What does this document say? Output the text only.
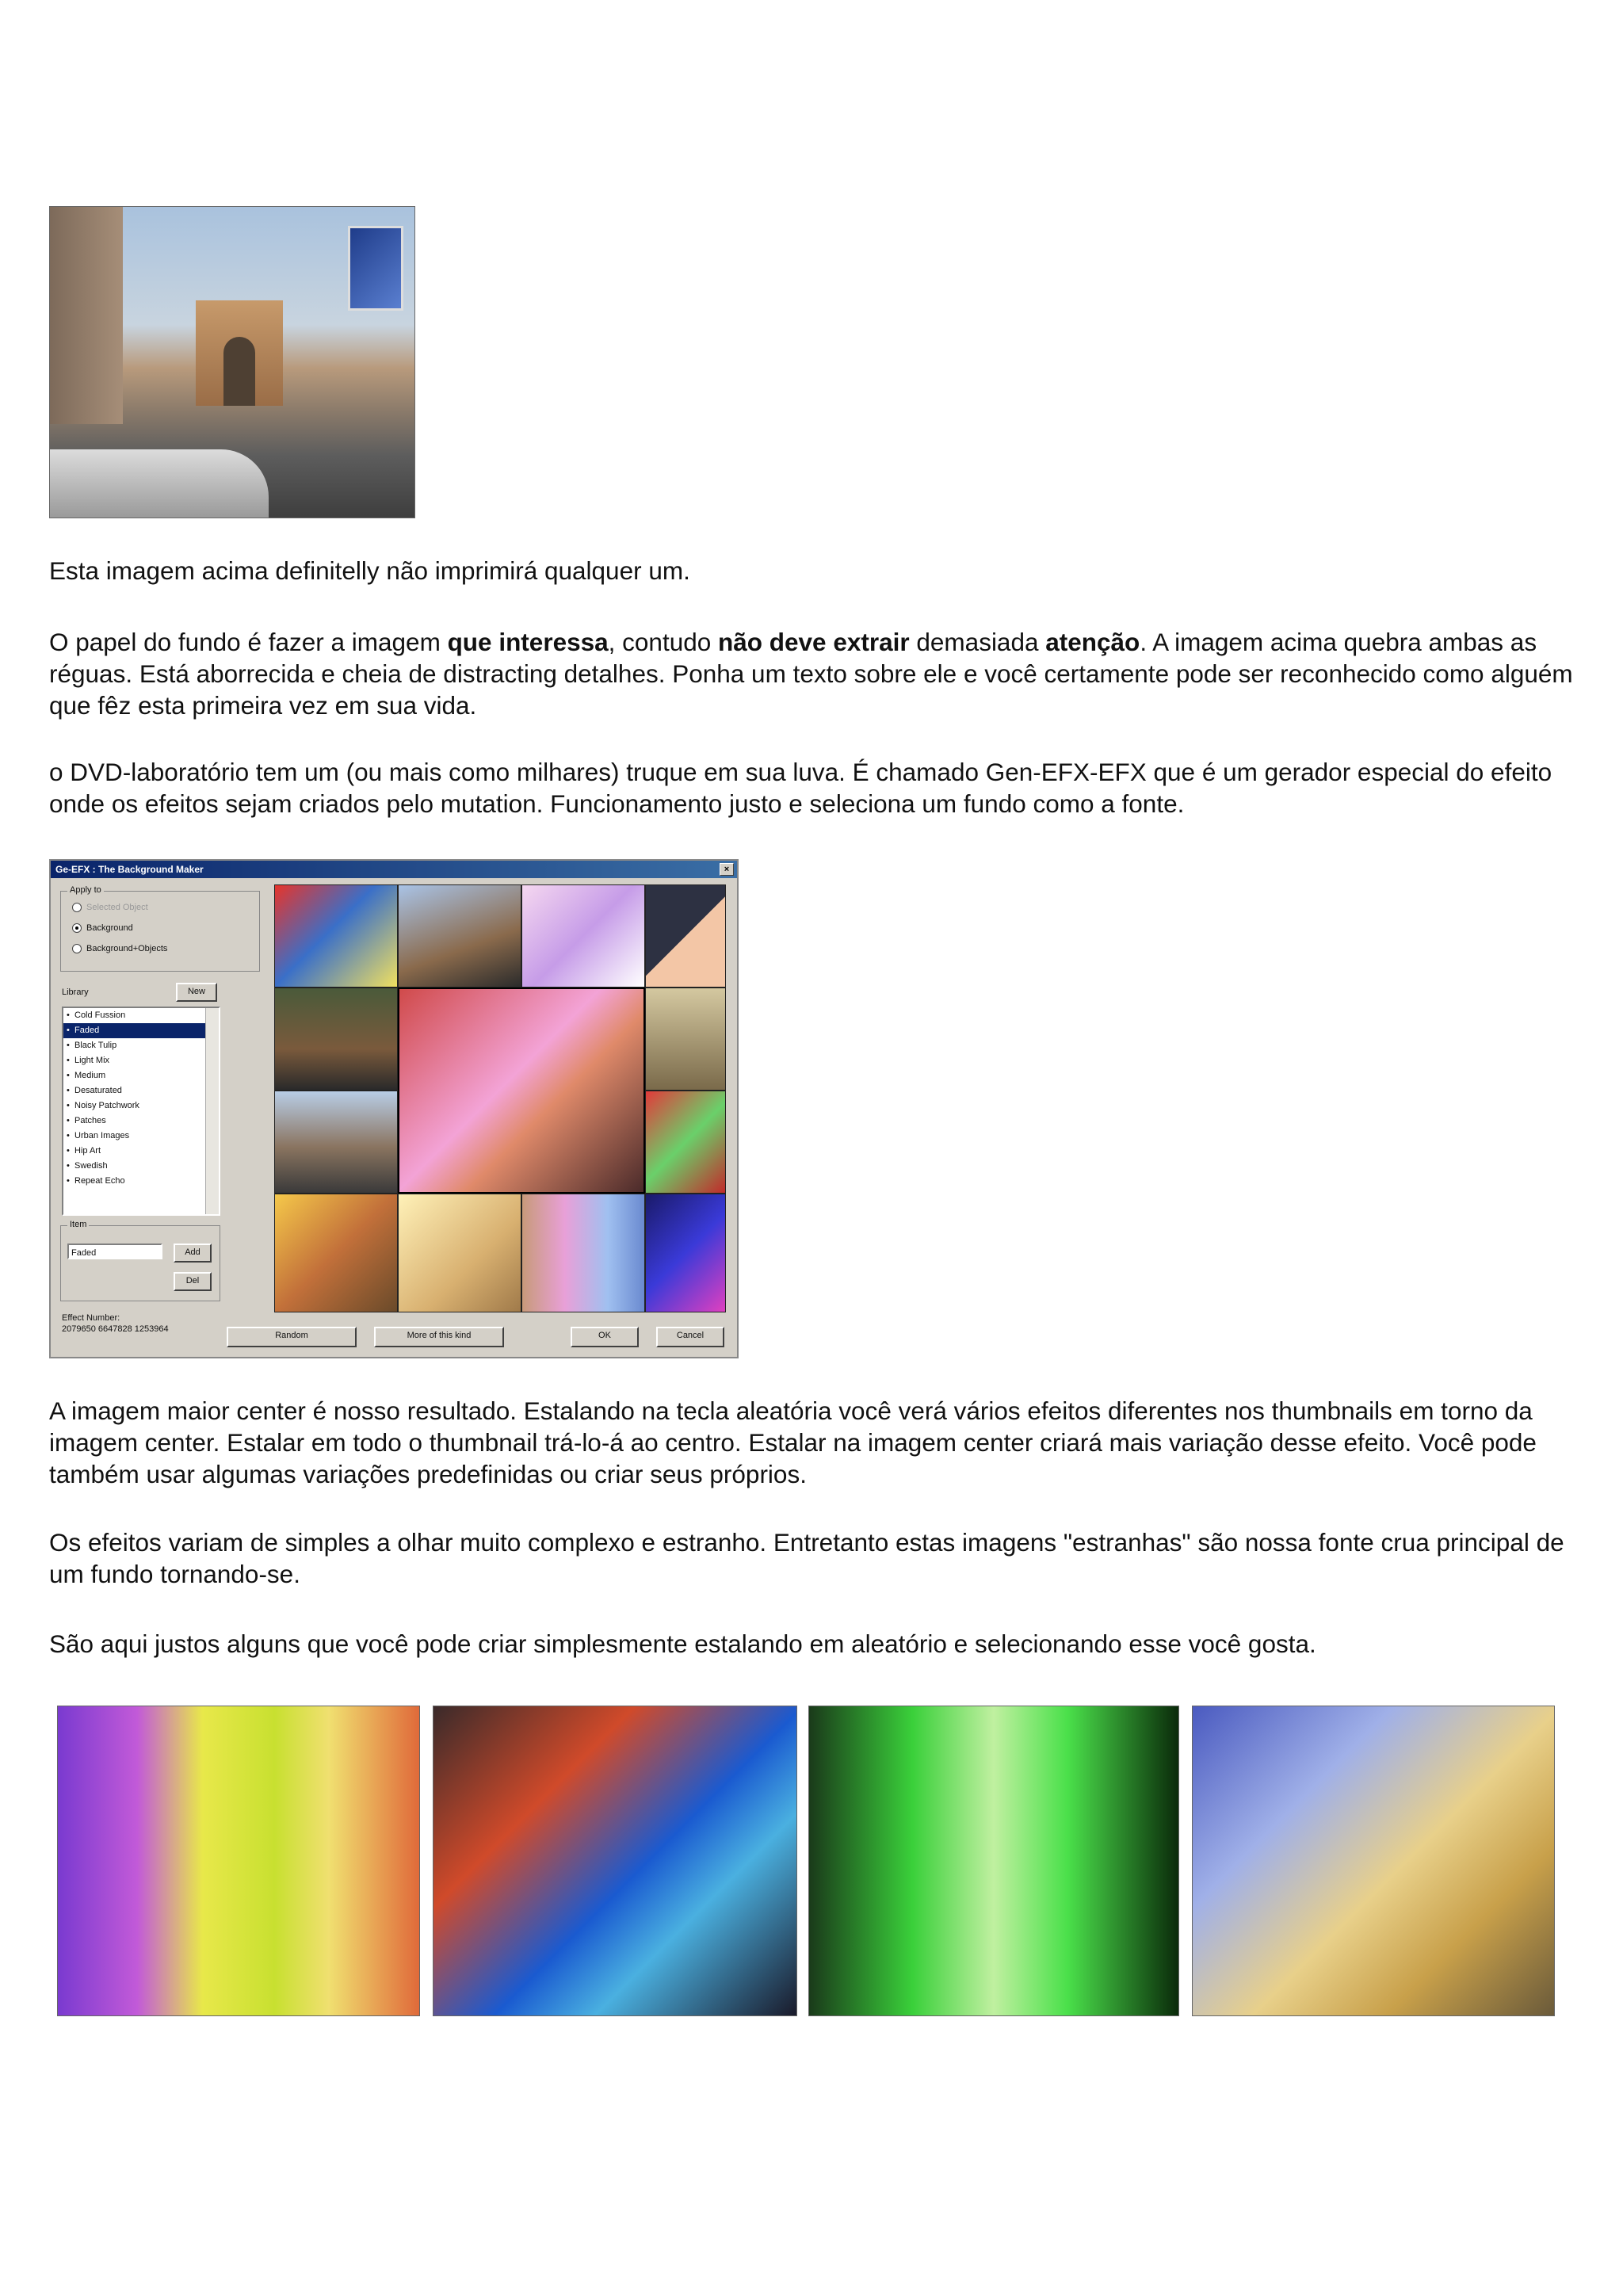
Esta imagem acima definitelly não imprimirá qualquer um.

O papel do fundo é fazer a imagem que interessa, contudo não deve extrair demasiada atenção. A imagem acima quebra ambas as réguas. Está aborrecida e cheia de distracting detalhes. Ponha um texto sobre ele e você certamente pode ser reconhecido como alguém que fêz esta primeira vez em sua vida.

o DVD-laboratório tem um (ou mais como milhares) truque em sua luva. É chamado Gen-EFX-EFX que é um gerador especial do efeito onde os efeitos sejam criados pelo mutation. Funcionamento justo e seleciona um fundo como a fonte.

Ge-EFX : The Background Maker	×
Apply to
Selected Object
Background
Background+Objects
Library	New
• Cold Fussion
• Faded
• Black Tulip
• Light Mix
• Medium
• Desaturated
• Noisy Patchwork
• Patches
• Urban Images
• Hip Art
• Swedish
• Repeat Echo
Item
Faded	Add
Del
Effect Number:
2079650 6647828 1253964
Random	More of this kind	OK	Cancel

A imagem maior center é nosso resultado. Estalando na tecla aleatória você verá vários efeitos diferentes nos thumbnails em torno da imagem center. Estalar em todo o thumbnail trá-lo-á ao centro. Estalar na imagem center criará mais variação desse efeito. Você pode também usar algumas variações predefinidas ou criar seus próprios.

Os efeitos variam de simples a olhar muito complexo e estranho. Entretanto estas imagens "estranhas" são nossa fonte crua principal de um fundo tornando-se.

São aqui justos alguns que você pode criar simplesmente estalando em aleatório e selecionando esse você gosta.
